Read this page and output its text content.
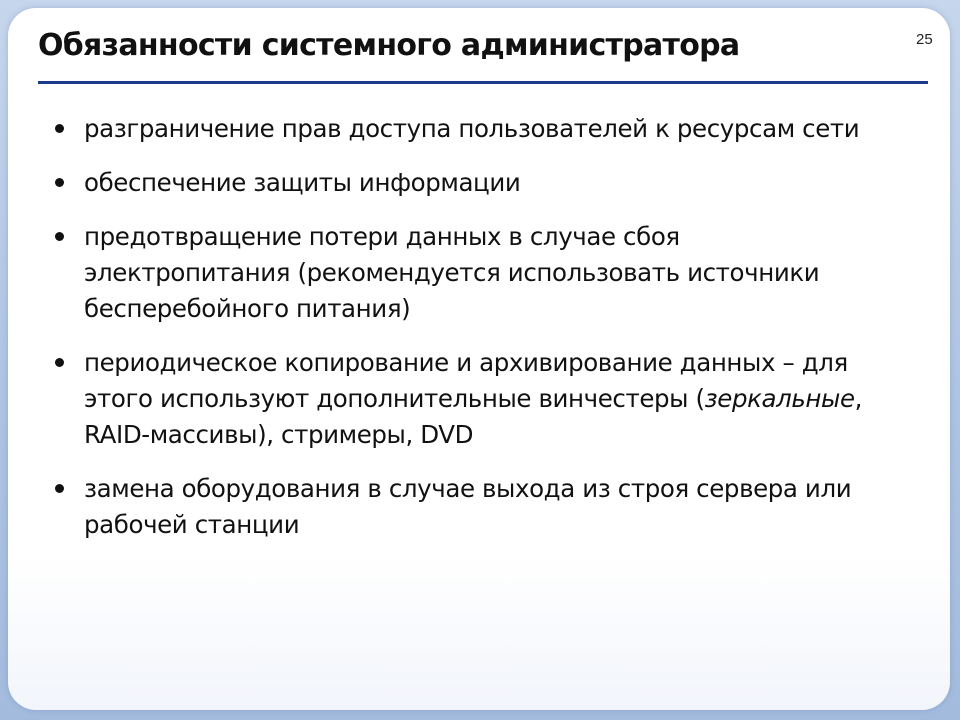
Обязанности системного администратора	25
разграничение прав доступа пользователей к ресурсам сети
обеспечение защиты информации
предотвращение потери данных в случае сбоя электропитания (рекомендуется использовать источники бесперебойного питания)
периодическое копирование и архивирование данных – для этого используют дополнительные винчестеры (зеркальные, RAID-массивы), стримеры, DVD
замена оборудования в случае выхода из строя сервера или рабочей станции
